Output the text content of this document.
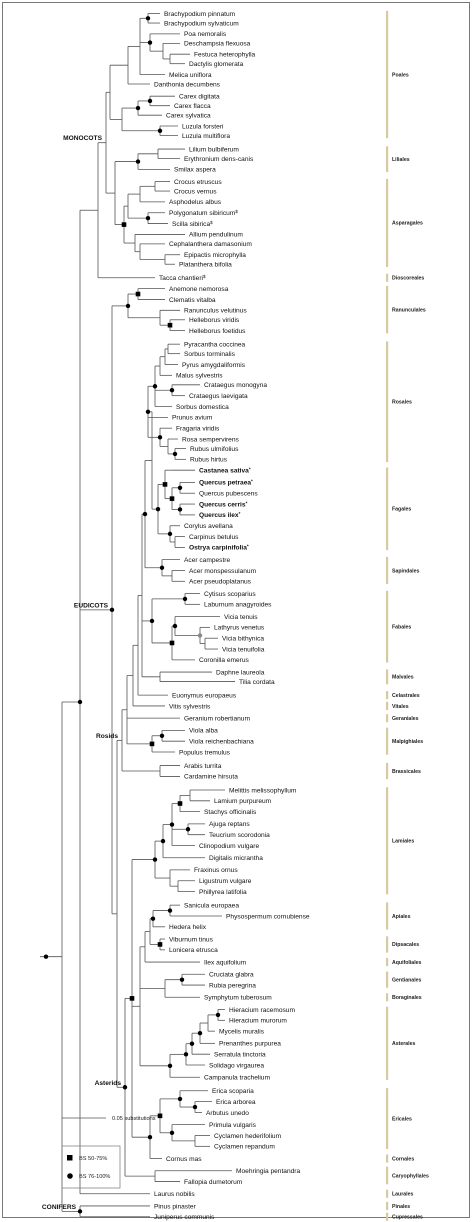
Brachypodium pinnatum
Brachypodium sylvaticum
Poa nemoralis
Deschampsia flexuosa
Festuca heterophylla
Dactylis glomerata
Melica uniflora
Danthonia decumbens
Carex digitata
Carex flacca
Carex sylvatica
Luzula forsteri
Luzula multiflora
Lilium bulbiferum
Erythronium dens-canis
Smilax aspera
Crocus etruscus
Crocus vernus
Asphodelus albus
Polygonatum sibiricum$
Scilla sibirica$
Allium pendulinum
Cephalanthera damasonium
Epipactis microphylla
Platanthera bifolia
Tacca chantieri$
Anemone nemorosa
Clematis vitalba
Ranunculus velutinus
Helleborus viridis
Helleborus foetidus
Pyracantha coccinea
Sorbus torminalis
Pyrus amygdaliformis
Malus sylvestris
Crataegus monogyna
Crataegus laevigata
Sorbus domestica
Prunus avium
Fragaria viridis
Rosa sempervirens
Rubus ulmifolius
Rubus hirtus
Castanea sativa*
Quercus petraea*
Quercus pubescens
Quercus cerris*
Quercus ilex*
Corylus avellana
Carpinus betulus
Ostrya carpinifolia*
Acer campestre
Acer monspessulanum
Acer pseudoplatanus
Cytisus scoparius
Laburnum anagyroides
Vicia tenuis
Lathyrus venetus
Vicia bithynica
Vicia tenuifolia
Coronilla emerus
Daphne laureola
Tilia cordata
Euonymus europaeus
Vitis sylvestris
Geranium robertianum
Viola alba
Viola reichenbachiana
Populus tremulus
Arabis turrita
Cardamine hirsuta
Melittis melissophyllum
Lamium purpureum
Stachys officinalis
Ajuga reptans
Teucrium scorodonia
Clinopodium vulgare
Digitalis micrantha
Fraxinus ornus
Ligustrum vulgare
Phillyrea latifolia
Sanicula europaea
Physospermum cornubiense
Hedera helix
Viburnum tinus
Lonicera etrusca
Ilex aquifolium
Cruciata glabra
Rubia peregrina
Symphytum tuberosum
Hieracium racemosum
Hieracium murorum
Mycelis muralis
Prenanthes purpurea
Serratula tinctoria
Solidago virgaurea
Campanula trachelium
Erica scoparia
Erica arborea
Arbutus unedo
Primula vulgaris
Cyclamen hederifolium
Cyclamen repandum
Cornus mas
Moehringia pentandra
Fallopia dumetorum
Laurus nobilis
Pinus pinaster
Juniperus communis
MONOCOTS
EUDICOTS
Rosids
Asterids
CONIFERS
Poales
Liliales
Asparagales
Dioscoreales
Ranunculales
Rosales
Fagales
Sapindales
Fabales
Malvales
Celastrales
Vitales
Geraniales
Malpighiales
Brassicales
Lamiales
Apiales
Dipsacales
Aquifoliales
Gentianales
Boraginales
Asterales
Ericales
Cornales
Caryophyllales
Laurales
Pinales
Cupressales
0.05 substitutions
BS 50-75%
BS 76-100%
